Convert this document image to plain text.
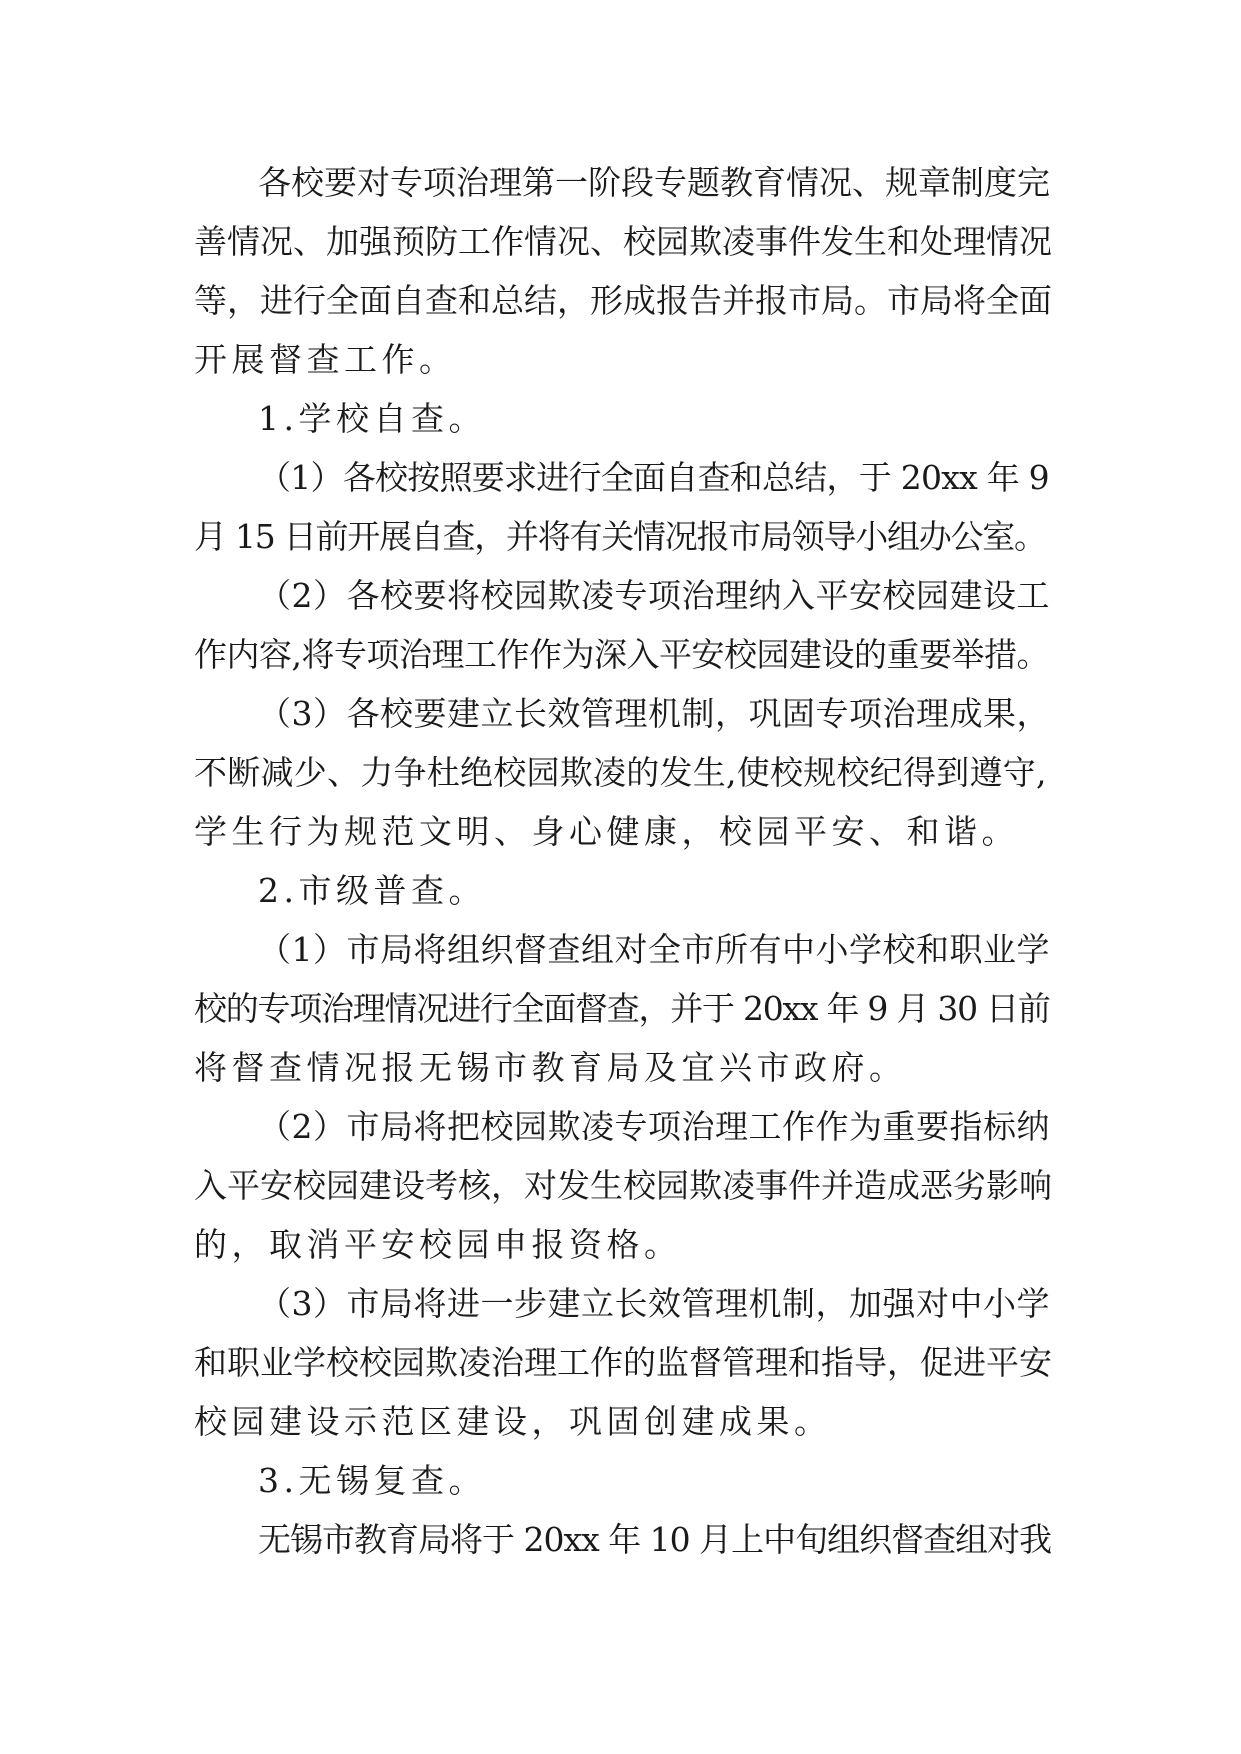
各校要对专项治理第一阶段专题教育情况、规章制度完
善情况、加强预防工作情况、校园欺凌事件发生和处理情况
等，进行全面自查和总结，形成报告并报市局。市局将全面
开展督查工作。
1.学校自查。
（1）各校按照要求进行全面自查和总结，于 20xx 年 9
月 15 日前开展自查，并将有关情况报市局领导小组办公室。
（2）各校要将校园欺凌专项治理纳入平安校园建设工
作内容,将专项治理工作作为深入平安校园建设的重要举措。
（3）各校要建立长效管理机制，巩固专项治理成果，
不断减少、力争杜绝校园欺凌的发生,使校规校纪得到遵守,
学生行为规范文明、身心健康，校园平安、和谐。
2.市级普查。
（1）市局将组织督查组对全市所有中小学校和职业学
校的专项治理情况进行全面督查，并于 20xx 年 9 月 30 日前
将督查情况报无锡市教育局及宜兴市政府。
（2）市局将把校园欺凌专项治理工作作为重要指标纳
入平安校园建设考核，对发生校园欺凌事件并造成恶劣影响
的，取消平安校园申报资格。
（3）市局将进一步建立长效管理机制，加强对中小学
和职业学校校园欺凌治理工作的监督管理和指导，促进平安
校园建设示范区建设，巩固创建成果。
3.无锡复查。
无锡市教育局将于 20xx 年 10 月上中旬组织督查组对我
